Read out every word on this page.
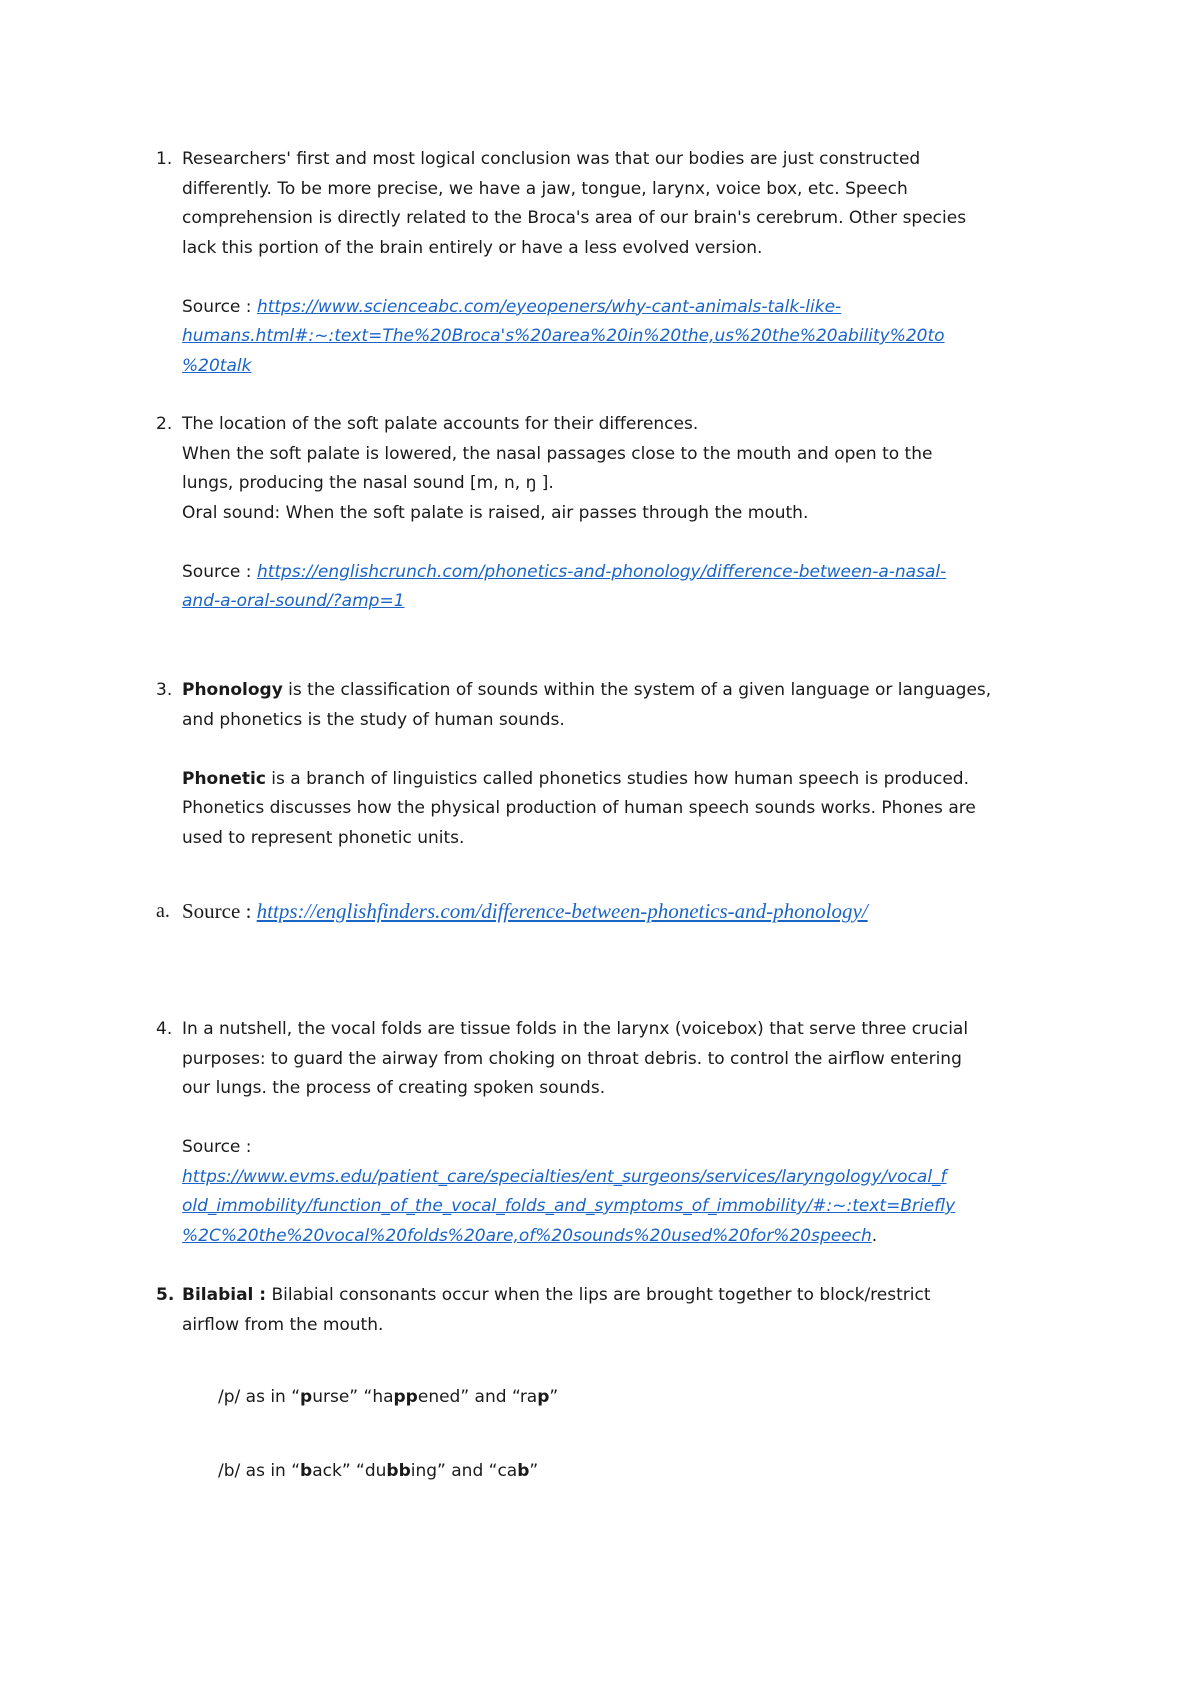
1. Researchers' first and most logical conclusion was that our bodies are just constructed

differently. To be more precise, we have a jaw, tongue, larynx, voice box, etc. Speech

comprehension is directly related to the Broca's area of our brain's cerebrum. Other species

lack this portion of the brain entirely or have a less evolved version.

Source : https://www.scienceabc.com/eyeopeners/why-cant-animals-talk-like-

humans.html#:~:text=The%20Broca's%20area%20in%20the,us%20the%20ability%20to

%20talk

2. The location of the soft palate accounts for their differences.

When the soft palate is lowered, the nasal passages close to the mouth and open to the

lungs, producing the nasal sound [m, n, ŋ ].

Oral sound: When the soft palate is raised, air passes through the mouth.

Source : https://englishcrunch.com/phonetics-and-phonology/difference-between-a-nasal-

and-a-oral-sound/?amp=1

3. Phonology is the classification of sounds within the system of a given language or languages,

and phonetics is the study of human sounds.

Phonetic is a branch of linguistics called phonetics studies how human speech is produced.

Phonetics discusses how the physical production of human speech sounds works. Phones are

used to represent phonetic units.

a. Source : https://englishfinders.com/difference-between-phonetics-and-phonology/
4. In a nutshell, the vocal folds are tissue folds in the larynx (voicebox) that serve three crucial

purposes: to guard the airway from choking on throat debris. to control the airflow entering

our lungs. the process of creating spoken sounds.

Source :

https://www.evms.edu/patient_care/specialties/ent_surgeons/services/laryngology/vocal_f

old_immobility/function_of_the_vocal_folds_and_symptoms_of_immobility/#:~:text=Briefly

%2C%20the%20vocal%20folds%20are,of%20sounds%20used%20for%20speech.

5. Bilabial : Bilabial consonants occur when the lips are brought together to block/restrict

airflow from the mouth.

/p/ as in “purse” “happened” and “rap”
/b/ as in “back” “dubbing” and “cab”
